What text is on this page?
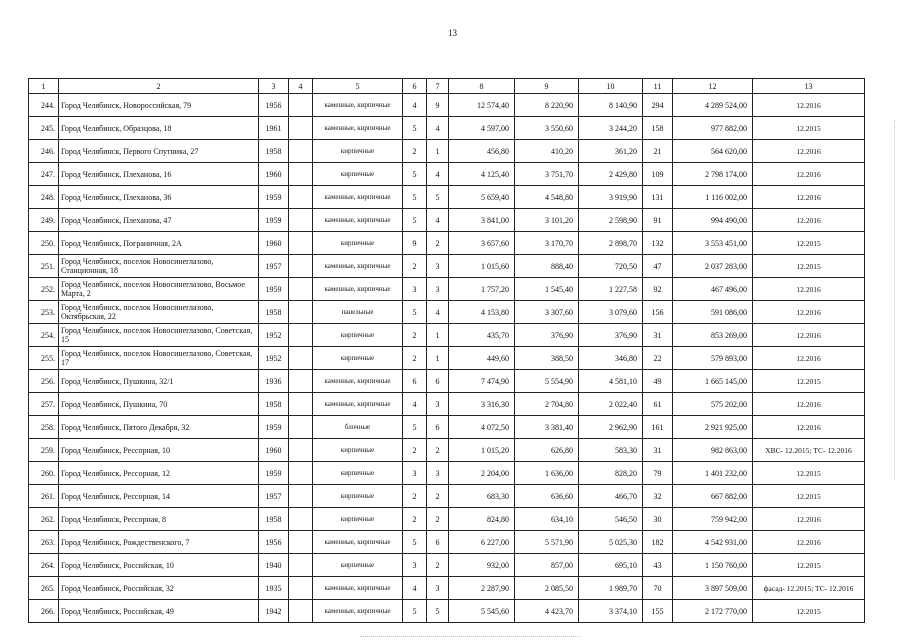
13
1	2	3	4	5	6	7	8	9	10	11	12	13
244.	Город Челябинск, Новороссийская, 79	1956		каменные, кирпичные	4	9	12 574,40	8 220,90	8 140,90	294	4 289 524,00	12.2016
245.	Город Челябинск, Образцова, 18	1961		каменные, кирпичные	5	4	4 597,00	3 550,60	3 244,20	158	977 882,00	12.2015
246.	Город Челябинск, Первого Спутника, 27	1958		кирпичные	2	1	456,80	410,20	361,20	21	564 620,00	12.2016
247.	Город Челябинск, Плеханова, 16	1960		кирпичные	5	4	4 125,40	3 751,70	2 429,80	109	2 798 174,00	12.2016
248.	Город Челябинск, Плеханова, 36	1959		каменные, кирпичные	5	5	5 659,40	4 548,80	3 919,90	131	1 116 002,00	12.2016
249.	Город Челябинск, Плеханова, 47	1959		каменные, кирпичные	5	4	3 841,00	3 101,20	2 598,90	91	994 490,00	12.2016
250.	Город Челябинск, Пограничная, 2А	1960		кирпичные	9	2	3 657,60	3 170,70	2 898,70	132	3 553 451,00	12.2015
251.	Город Челябинск, поселок Новосинеглазово, Станционная, 18	1957		каменные, кирпичные	2	3	1 015,60	888,40	720,50	47	2 037 283,00	12.2015
252.	Город Челябинск, поселок Новосинеглазово, Восьмое Марта, 2	1959		каменные, кирпичные	3	3	1 757,20	1 545,40	1 227,58	92	467 496,00	12.2016
253.	Город Челябинск, поселок Новосинеглазово, Октябрьская, 22	1958		панельные	5	4	4 153,80	3 307,60	3 079,60	156	591 086,00	12.2016
254.	Город Челябинск, поселок Новосинеглазово, Советская, 15	1952		кирпичные	2	1	435,70	376,90	376,90	31	853 269,00	12.2016
255.	Город Челябинск, поселок Новосинеглазово, Советская, 17	1952		кирпичные	2	1	449,60	388,50	346,80	22	579 893,00	12.2016
256.	Город Челябинск, Пушкина, 32/1	1936		каменные, кирпичные	6	6	7 474,90	5 554,90	4 581,10	49	1 665 145,00	12.2015
257.	Город Челябинск, Пушкина, 70	1958		каменные, кирпичные	4	3	3 316,30	2 704,80	2 022,40	61	575 202,00	12.2016
258.	Город Челябинск, Пятого Декабря, 32	1959		блочные	5	6	4 072,50	3 381,40	2 962,90	161	2 921 925,00	12.2016
259.	Город Челябинск, Рессорная, 10	1960		кирпичные	2	2	1 015,20	626,80	583,30	31	982 863,00	ХВС- 12.2015; ТС- 12.2016
260.	Город Челябинск, Рессорная, 12	1959		кирпичные	3	3	2 204,00	1 636,00	828,20	79	1 401 232,00	12.2015
261.	Город Челябинск, Рессорная, 14	1957		кирпичные	2	2	683,30	636,60	466,70	32	667 882,00	12.2015
262.	Город Челябинск, Рессорная, 8	1958		кирпичные	2	2	824,80	634,10	546,50	30	759 942,00	12.2016
263.	Город Челябинск, Рождественского, 7	1956		каменные, кирпичные	5	6	6 227,00	5 571,90	5 025,30	182	4 542 931,00	12.2016
264.	Город Челябинск, Российская, 10	1940		кирпичные	3	2	932,00	857,00	695,10	43	1 150 760,00	12.2015
265.	Город Челябинск, Российская, 32	1935		каменные, кирпичные	4	3	2 287,90	2 085,50	1 989,70	70	3 897 509,00	фасад- 12.2015; ТС- 12.2016
266.	Город Челябинск, Российская, 49	1942		каменные, кирпичные	5	5	5 545,60	4 423,70	3 374,10	155	2 172 770,00	12.2015
